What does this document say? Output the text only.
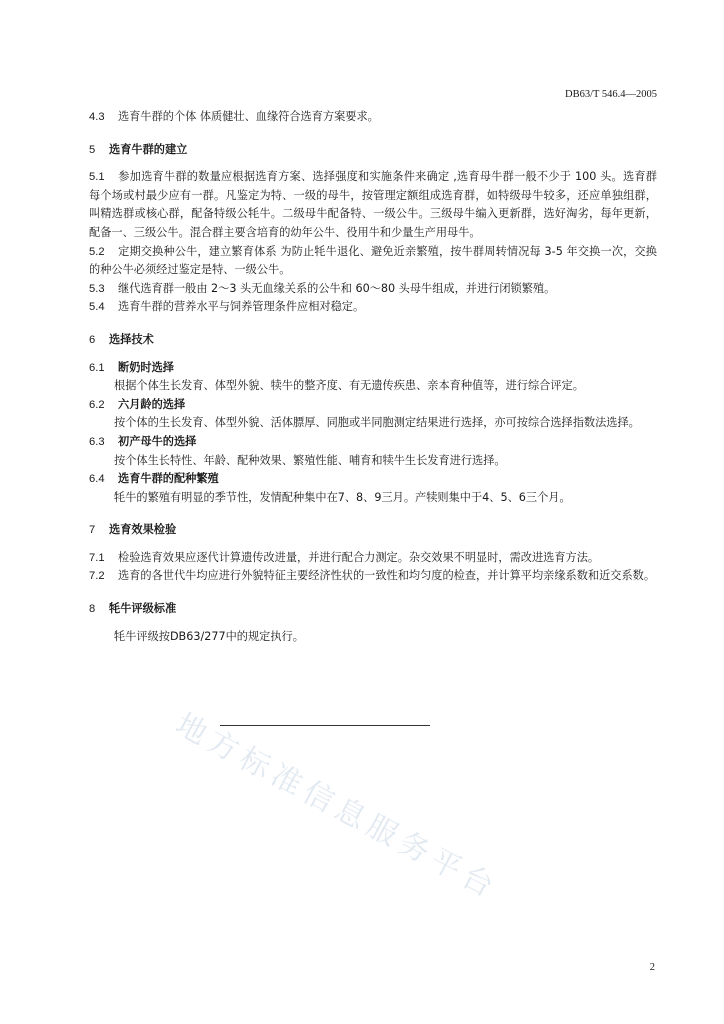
DB63/T 546.4—2005
4.3 选育牛群的个体 体质健壮、血缘符合选育方案要求。
5 选育牛群的建立
5.1 参加选育牛群的数量应根据选育方案、选择强度和实施条件来确定 ,选育母牛群一般不少于 100 头。选育群每个场或村最少应有一群。凡鉴定为特、一级的母牛，按管理定额组成选育群，如特级母牛较多，还应单独组群，叫精选群或核心群，配备特级公牦牛。二级母牛配备特、一级公牛。三级母牛编入更新群，选好淘劣，每年更新，配备一、三级公牛。混合群主要含培育的幼年公牛、役用牛和少量生产用母牛。
5.2 定期交换种公牛，建立繁育体系 为防止牦牛退化、避免近亲繁殖，按牛群周转情况每 3-5 年交换一次，交换的种公牛必须经过鉴定是特、一级公牛。
5.3 继代选育群一般由 2～3 头无血缘关系的公牛和 60～80 头母牛组成，并进行闭锁繁殖。
5.4 选育牛群的营养水平与饲养管理条件应相对稳定。
6 选择技术
6.1 断奶时选择
根据个体生长发育、体型外貌、犊牛的整齐度、有无遗传疾患、亲本育种值等，进行综合评定。
6.2 六月龄的选择
按个体的生长发育、体型外貌、活体膘厚、同胞或半同胞测定结果进行选择，亦可按综合选择指数法选择。
6.3 初产母牛的选择
按个体生长特性、年龄、配种效果、繁殖性能、哺育和犊牛生长发育进行选择。
6.4 选育牛群的配种繁殖
牦牛的繁殖有明显的季节性，发情配种集中在7、8、9三月。产犊则集中于4、5、6三个月。
7 选育效果检验
7.1 检验选育效果应逐代计算遗传改进量，并进行配合力测定。杂交效果不明显时，需改进选育方法。
7.2 选育的各世代牛均应进行外貌特征主要经济性状的一致性和均匀度的检查，并计算平均亲缘系数和近交系数。
8 牦牛评级标准
牦牛评级按DB63/277中的规定执行。
地方标准信息服务平台
2
